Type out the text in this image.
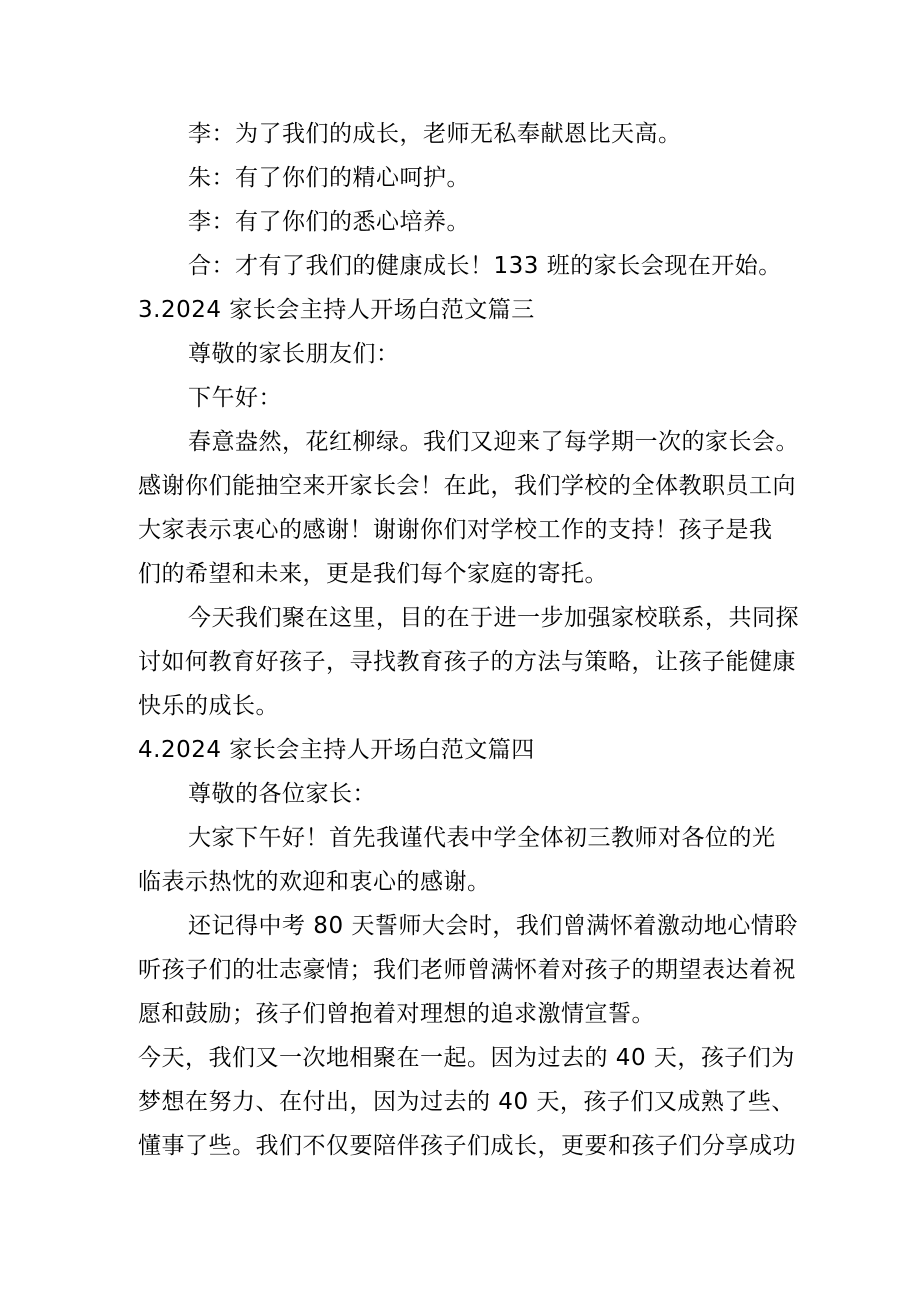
李：为了我们的成长，老师无私奉献恩比天高。
朱：有了你们的精心呵护。
李：有了你们的悉心培养。
合：才有了我们的健康成长！133 班的家长会现在开始。
3.2024 家长会主持人开场白范文篇三
尊敬的家长朋友们：
下午好：
春意盎然，花红柳绿。我们又迎来了每学期一次的家长会。
感谢你们能抽空来开家长会！在此，我们学校的全体教职员工向
大家表示衷心的感谢！谢谢你们对学校工作的支持！孩子是我
们的希望和未来，更是我们每个家庭的寄托。
今天我们聚在这里，目的在于进一步加强家校联系，共同探
讨如何教育好孩子，寻找教育孩子的方法与策略，让孩子能健康
快乐的成长。
4.2024 家长会主持人开场白范文篇四
尊敬的各位家长：
大家下午好！首先我谨代表中学全体初三教师对各位的光
临表示热忱的欢迎和衷心的感谢。
还记得中考 80 天誓师大会时，我们曾满怀着激动地心情聆
听孩子们的壮志豪情；我们老师曾满怀着对孩子的期望表达着祝
愿和鼓励；孩子们曾抱着对理想的追求激情宣誓。
今天，我们又一次地相聚在一起。因为过去的 40 天，孩子们为
梦想在努力、在付出，因为过去的 40 天，孩子们又成熟了些、
懂事了些。我们不仅要陪伴孩子们成长，更要和孩子们分享成功
